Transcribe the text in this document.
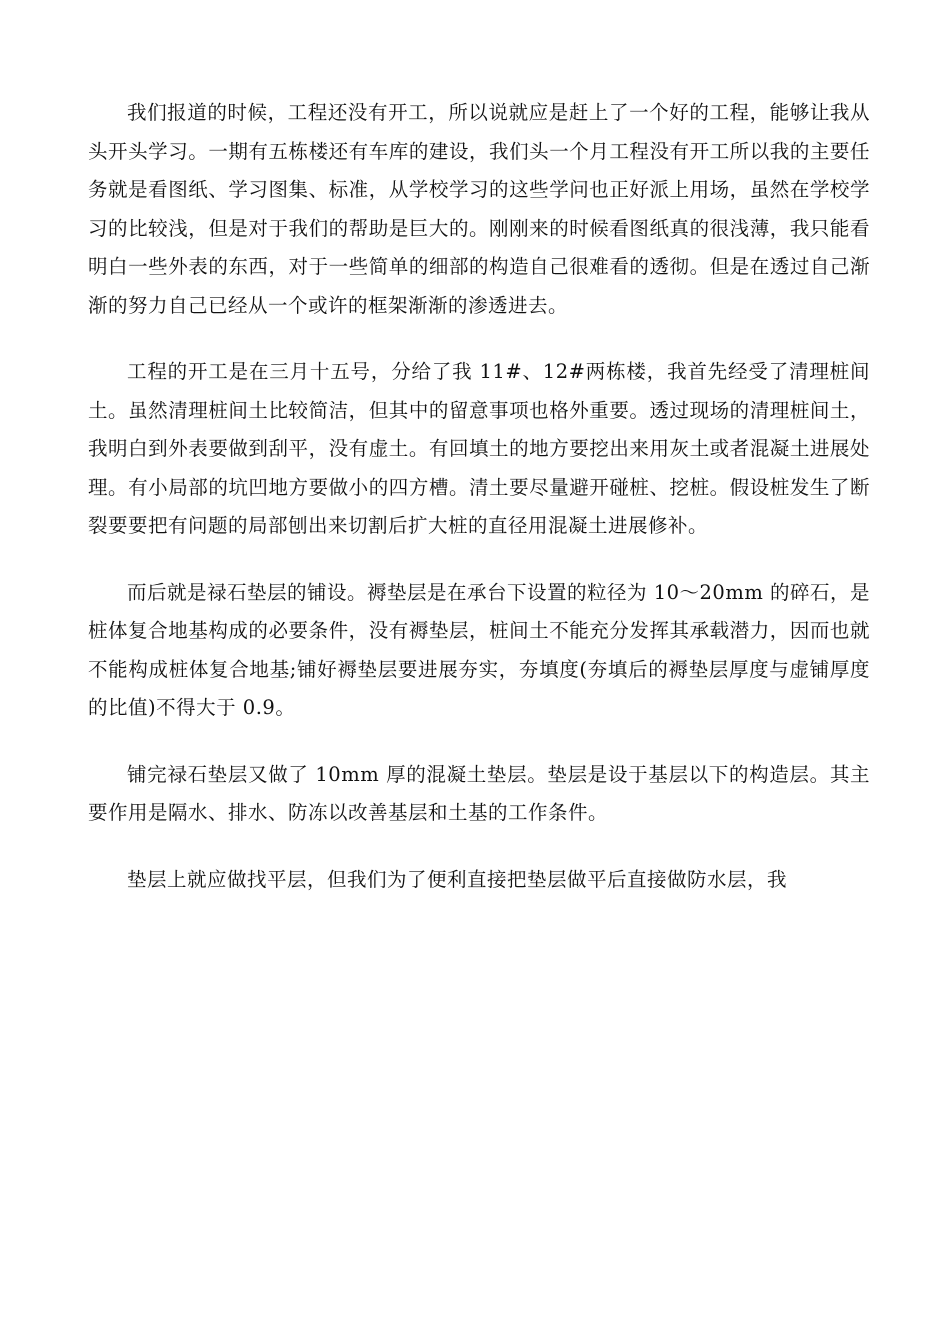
我们报道的时候，工程还没有开工，所以说就应是赶上了一个好的工程，能够让我从头开头学习。一期有五栋楼还有车库的建设，我们头一个月工程没有开工所以我的主要任务就是看图纸、学习图集、标准，从学校学习的这些学问也正好派上用场，虽然在学校学习的比较浅，但是对于我们的帮助是巨大的。刚刚来的时候看图纸真的很浅薄，我只能看明白一些外表的东西，对于一些简单的细部的构造自己很难看的透彻。但是在透过自己渐渐的努力自己已经从一个或许的框架渐渐的渗透进去。

工程的开工是在三月十五号，分给了我 11#、12#两栋楼，我首先经受了清理桩间土。虽然清理桩间土比较简洁，但其中的留意事项也格外重要。透过现场的清理桩间土，我明白到外表要做到刮平，没有虚土。有回填土的地方要挖出来用灰土或者混凝土进展处理。有小局部的坑凹地方要做小的四方槽。清土要尽量避开碰桩、挖桩。假设桩发生了断裂要要把有问题的局部刨出来切割后扩大桩的直径用混凝土进展修补。

而后就是禄石垫层的铺设。褥垫层是在承台下设置的粒径为 10～20mm 的碎石，是桩体复合地基构成的必要条件，没有褥垫层，桩间土不能充分发挥其承载潜力，因而也就不能构成桩体复合地基;铺好褥垫层要进展夯实，夯填度(夯填后的褥垫层厚度与虚铺厚度的比值)不得大于 0.9。

铺完禄石垫层又做了 10mm 厚的混凝土垫层。垫层是设于基层以下的构造层。其主要作用是隔水、排水、防冻以改善基层和土基的工作条件。

垫层上就应做找平层，但我们为了便利直接把垫层做平后直接做防水层，我
